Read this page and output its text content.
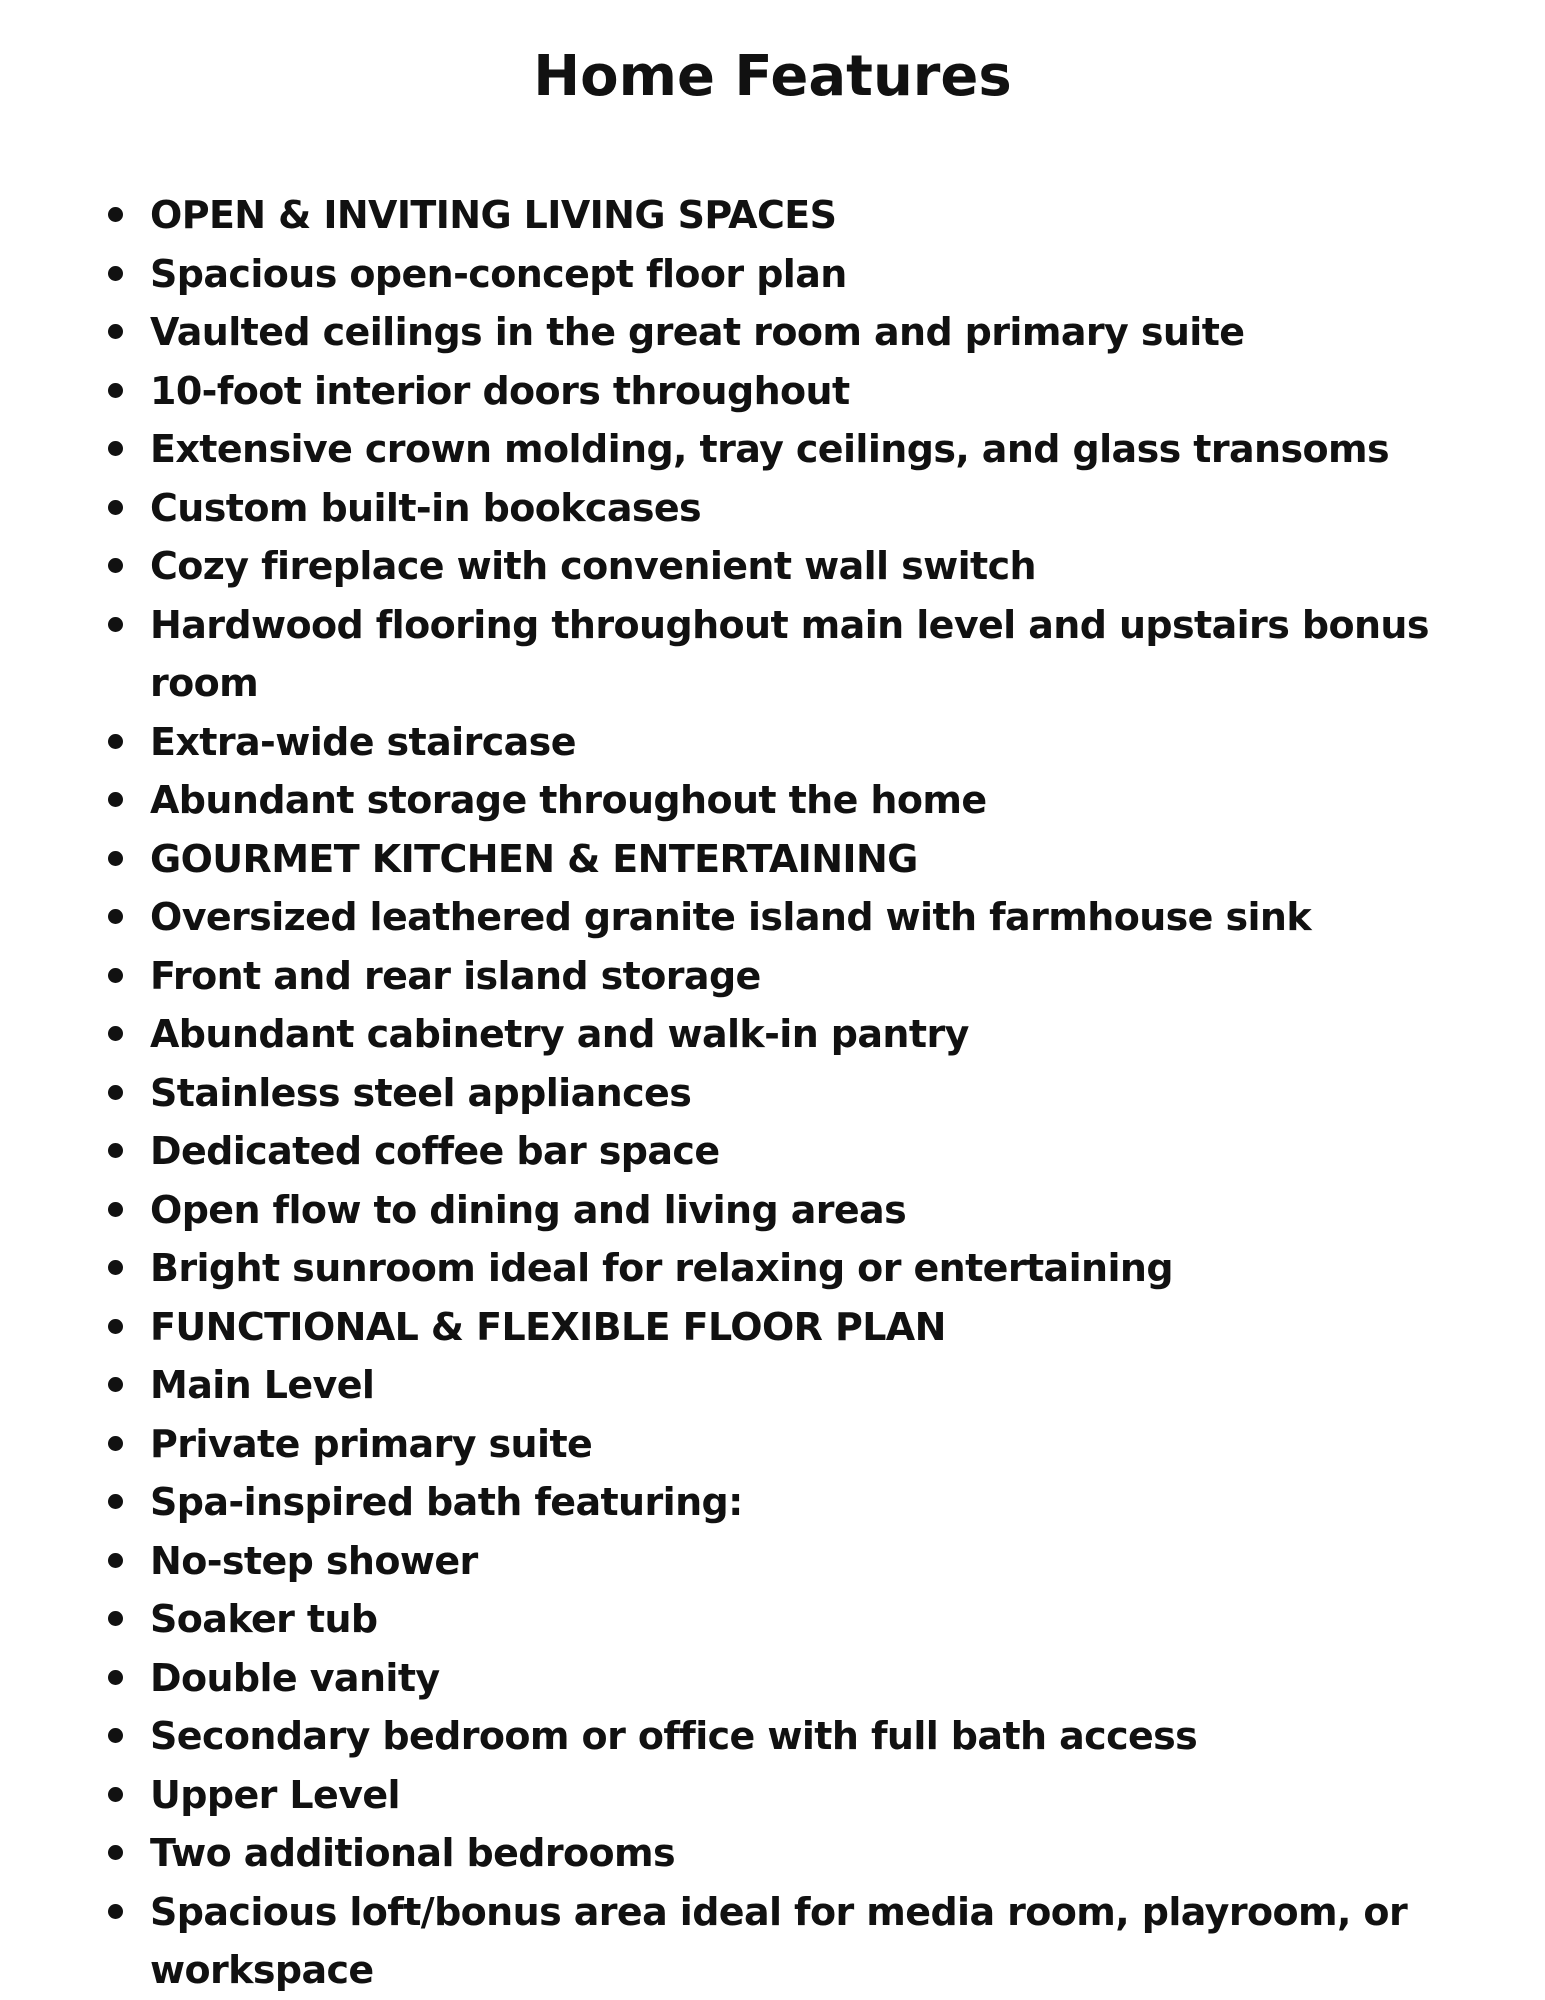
Home Features
OPEN & INVITING LIVING SPACES
Spacious open-concept floor plan
Vaulted ceilings in the great room and primary suite
10-foot interior doors throughout
Extensive crown molding, tray ceilings, and glass transoms
Custom built-in bookcases
Cozy fireplace with convenient wall switch
Hardwood flooring throughout main level and upstairs bonus room
Extra-wide staircase
Abundant storage throughout the home
GOURMET KITCHEN & ENTERTAINING
Oversized leathered granite island with farmhouse sink
Front and rear island storage
Abundant cabinetry and walk-in pantry
Stainless steel appliances
Dedicated coffee bar space
Open flow to dining and living areas
Bright sunroom ideal for relaxing or entertaining
FUNCTIONAL & FLEXIBLE FLOOR PLAN
Main Level
Private primary suite
Spa-inspired bath featuring:
No-step shower
Soaker tub
Double vanity
Secondary bedroom or office with full bath access
Upper Level
Two additional bedrooms
Spacious loft/bonus area ideal for media room, playroom, or workspace
